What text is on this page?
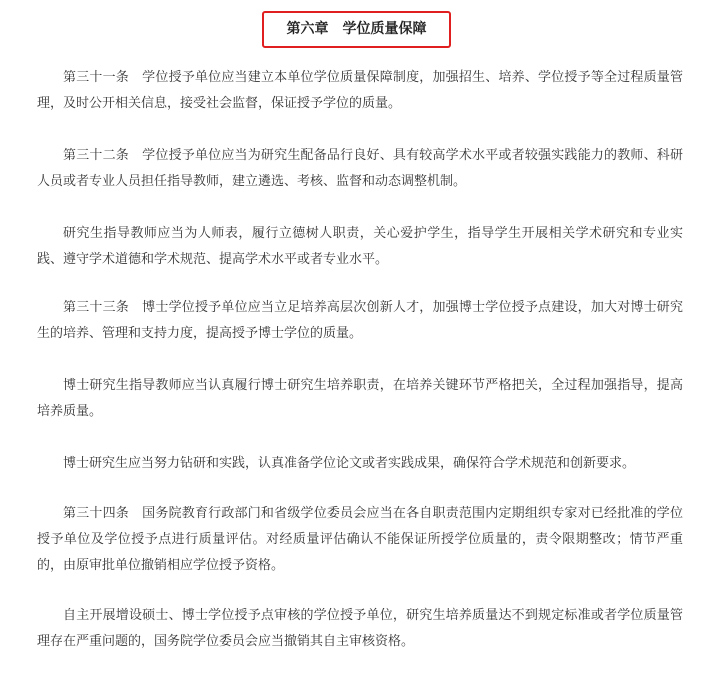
第六章　学位质量保障

第三十一条　学位授予单位应当建立本单位学位质量保障制度，加强招生、培养、学位授予等全过程质量管理，及时公开相关信息，接受社会监督，保证授予学位的质量。

第三十二条　学位授予单位应当为研究生配备品行良好、具有较高学术水平或者较强实践能力的教师、科研人员或者专业人员担任指导教师，建立遴选、考核、监督和动态调整机制。

研究生指导教师应当为人师表，履行立德树人职责，关心爱护学生，指导学生开展相关学术研究和专业实践、遵守学术道德和学术规范、提高学术水平或者专业水平。

第三十三条　博士学位授予单位应当立足培养高层次创新人才，加强博士学位授予点建设，加大对博士研究生的培养、管理和支持力度，提高授予博士学位的质量。

博士研究生指导教师应当认真履行博士研究生培养职责，在培养关键环节严格把关，全过程加强指导，提高培养质量。

博士研究生应当努力钻研和实践，认真准备学位论文或者实践成果，确保符合学术规范和创新要求。

第三十四条　国务院教育行政部门和省级学位委员会应当在各自职责范围内定期组织专家对已经批准的学位授予单位及学位授予点进行质量评估。对经质量评估确认不能保证所授学位质量的，责令限期整改；情节严重的，由原审批单位撤销相应学位授予资格。

自主开展增设硕士、博士学位授予点审核的学位授予单位，研究生培养质量达不到规定标准或者学位质量管理存在严重问题的，国务院学位委员会应当撤销其自主审核资格。
